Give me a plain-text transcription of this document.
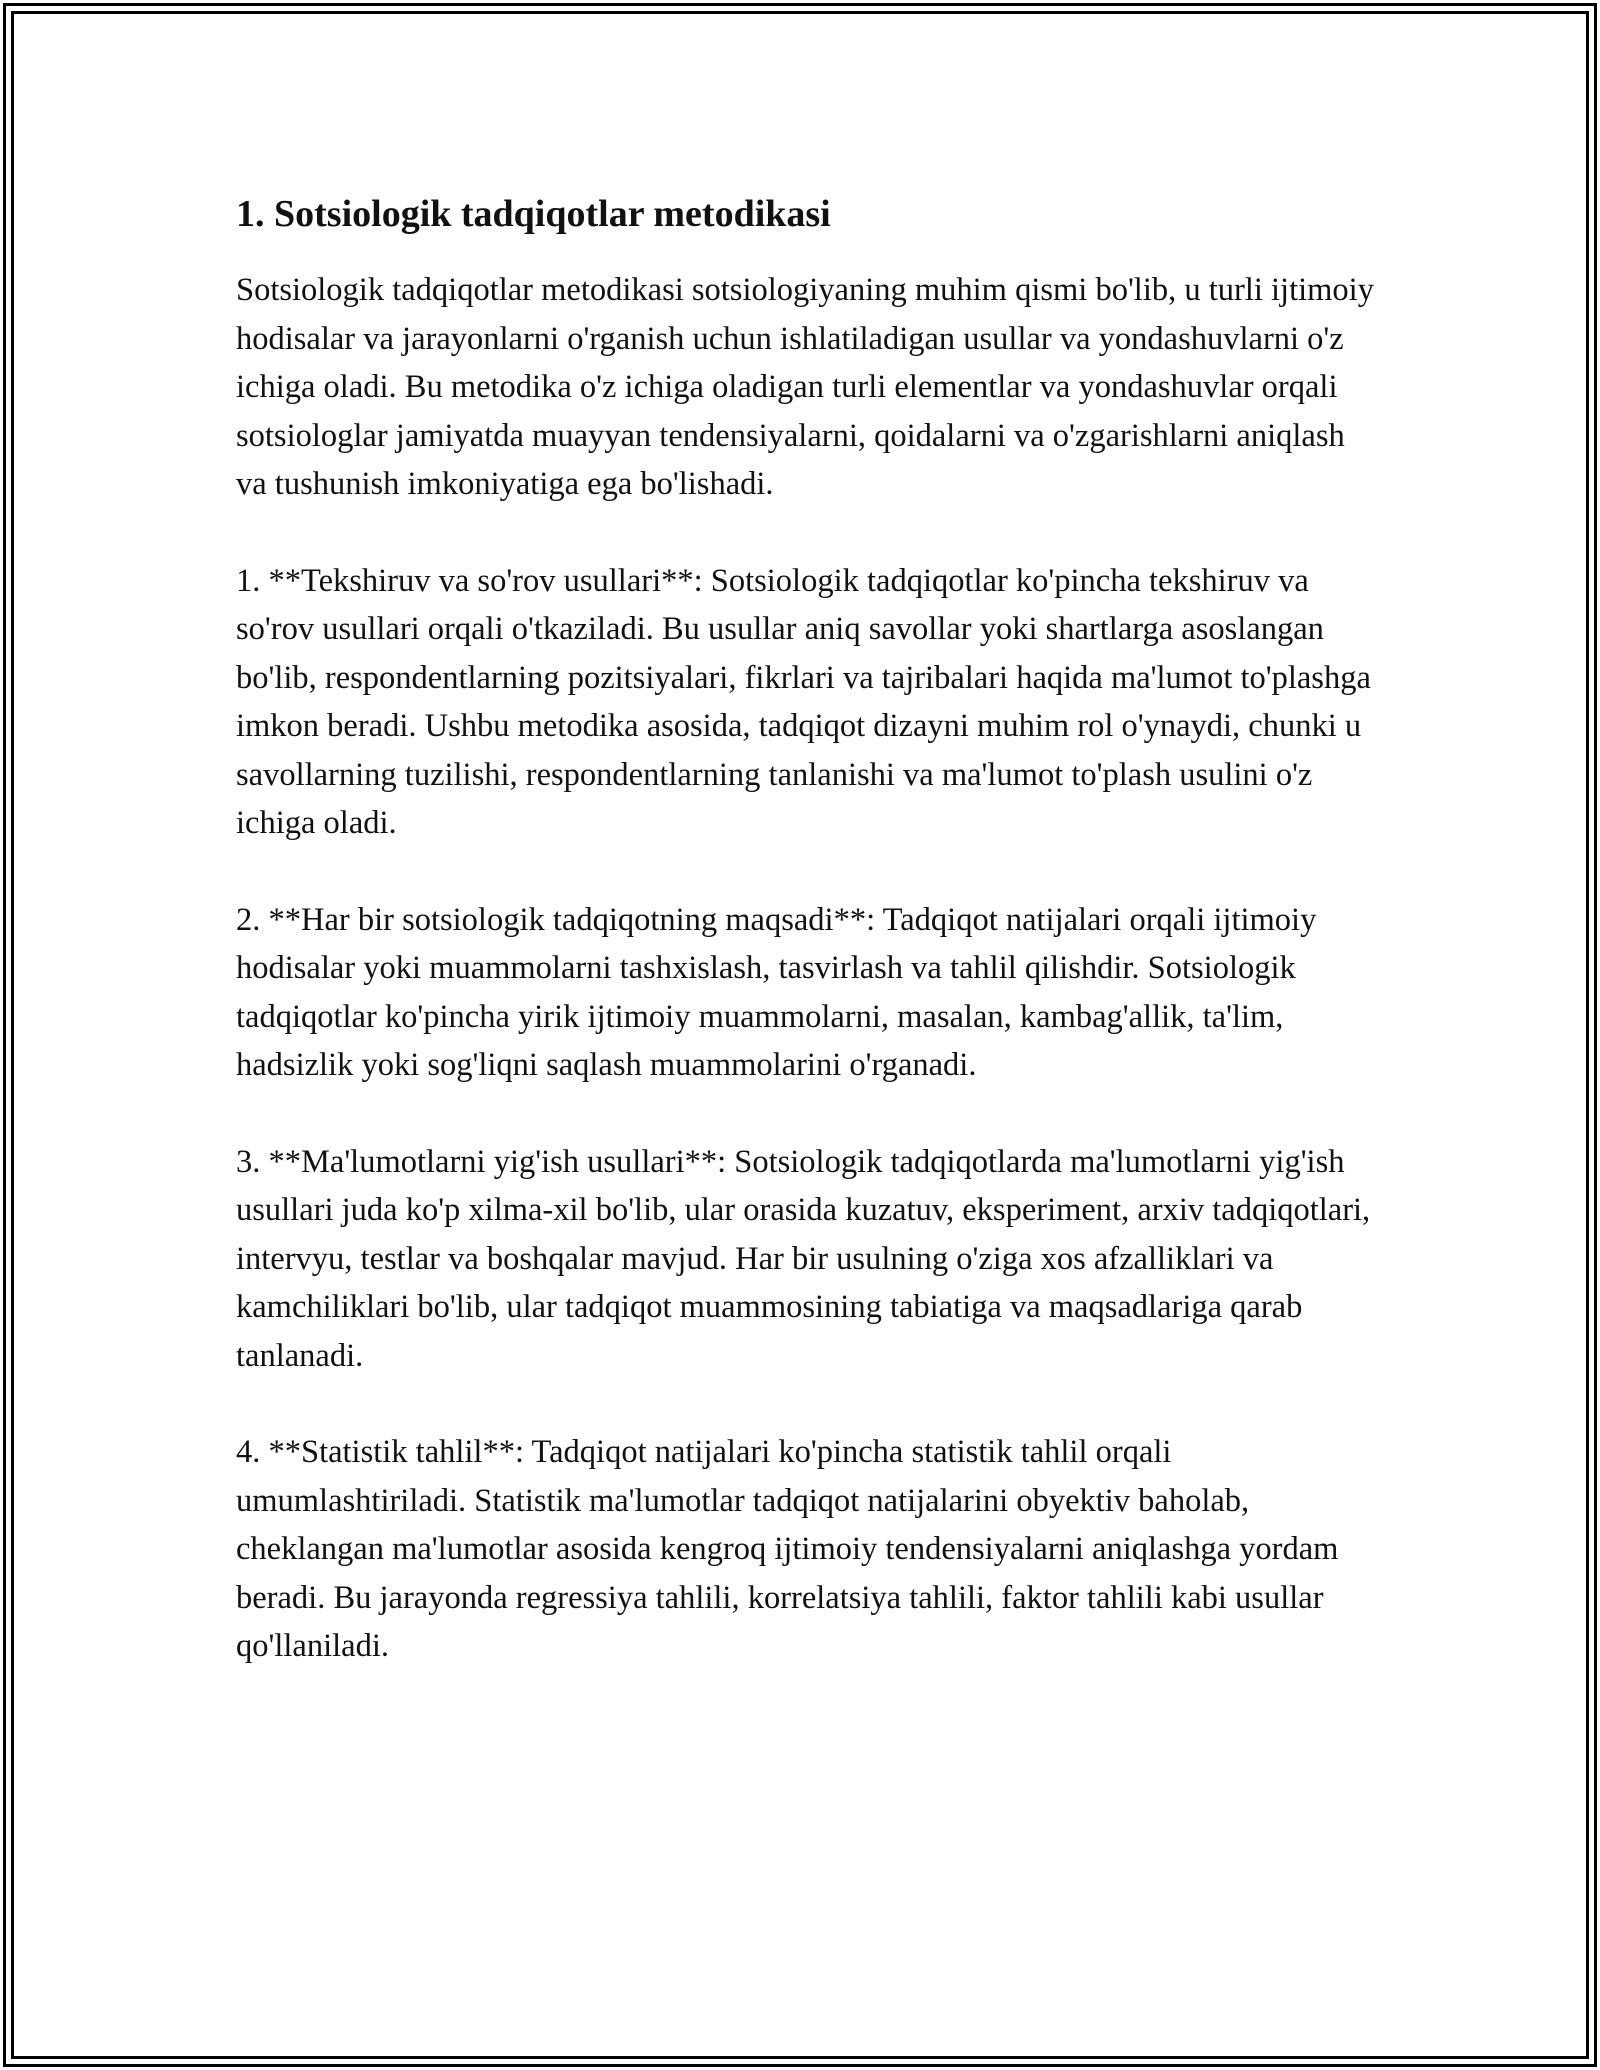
1. Sotsiologik tadqiqotlar metodikasi

Sotsiologik tadqiqotlar metodikasi sotsiologiyaning muhim qismi bo'lib, u turli ijtimoiy hodisalar va jarayonlarni o'rganish uchun ishlatiladigan usullar va yondashuvlarni o'z ichiga oladi. Bu metodika o'z ichiga oladigan turli elementlar va yondashuvlar orqali sotsiologlar jamiyatda muayyan tendensiyalarni, qoidalarni va o'zgarishlarni aniqlash va tushunish imkoniyatiga ega bo'lishadi.

1. **Tekshiruv va so'rov usullari**: Sotsiologik tadqiqotlar ko'pincha tekshiruv va so'rov usullari orqali o'tkaziladi. Bu usullar aniq savollar yoki shartlarga asoslangan bo'lib, respondentlarning pozitsiyalari, fikrlari va tajribalari haqida ma'lumot to'plashga imkon beradi. Ushbu metodika asosida, tadqiqot dizayni muhim rol o'ynaydi, chunki u savollarning tuzilishi, respondentlarning tanlanishi va ma'lumot to'plash usulini o'z ichiga oladi.

2. **Har bir sotsiologik tadqiqotning maqsadi**: Tadqiqot natijalari orqali ijtimoiy hodisalar yoki muammolarni tashxislash, tasvirlash va tahlil qilishdir. Sotsiologik tadqiqotlar ko'pincha yirik ijtimoiy muammolarni, masalan, kambag'allik, ta'lim, hadsizlik yoki sog'liqni saqlash muammolarini o'rganadi.

3. **Ma'lumotlarni yig'ish usullari**: Sotsiologik tadqiqotlarda ma'lumotlarni yig'ish usullari juda ko'p xilma-xil bo'lib, ular orasida kuzatuv, eksperiment, arxiv tadqiqotlari, intervyu, testlar va boshqalar mavjud. Har bir usulning o'ziga xos afzalliklari va kamchiliklari bo'lib, ular tadqiqot muammosining tabiatiga va maqsadlariga qarab tanlanadi.

4. **Statistik tahlil**: Tadqiqot natijalari ko'pincha statistik tahlil orqali umumlashtiriladi. Statistik ma'lumotlar tadqiqot natijalarini obyektiv baholab, cheklangan ma'lumotlar asosida kengroq ijtimoiy tendensiyalarni aniqlashga yordam beradi. Bu jarayonda regressiya tahlili, korrelatsiya tahlili, faktor tahlili kabi usullar qo'llaniladi.
